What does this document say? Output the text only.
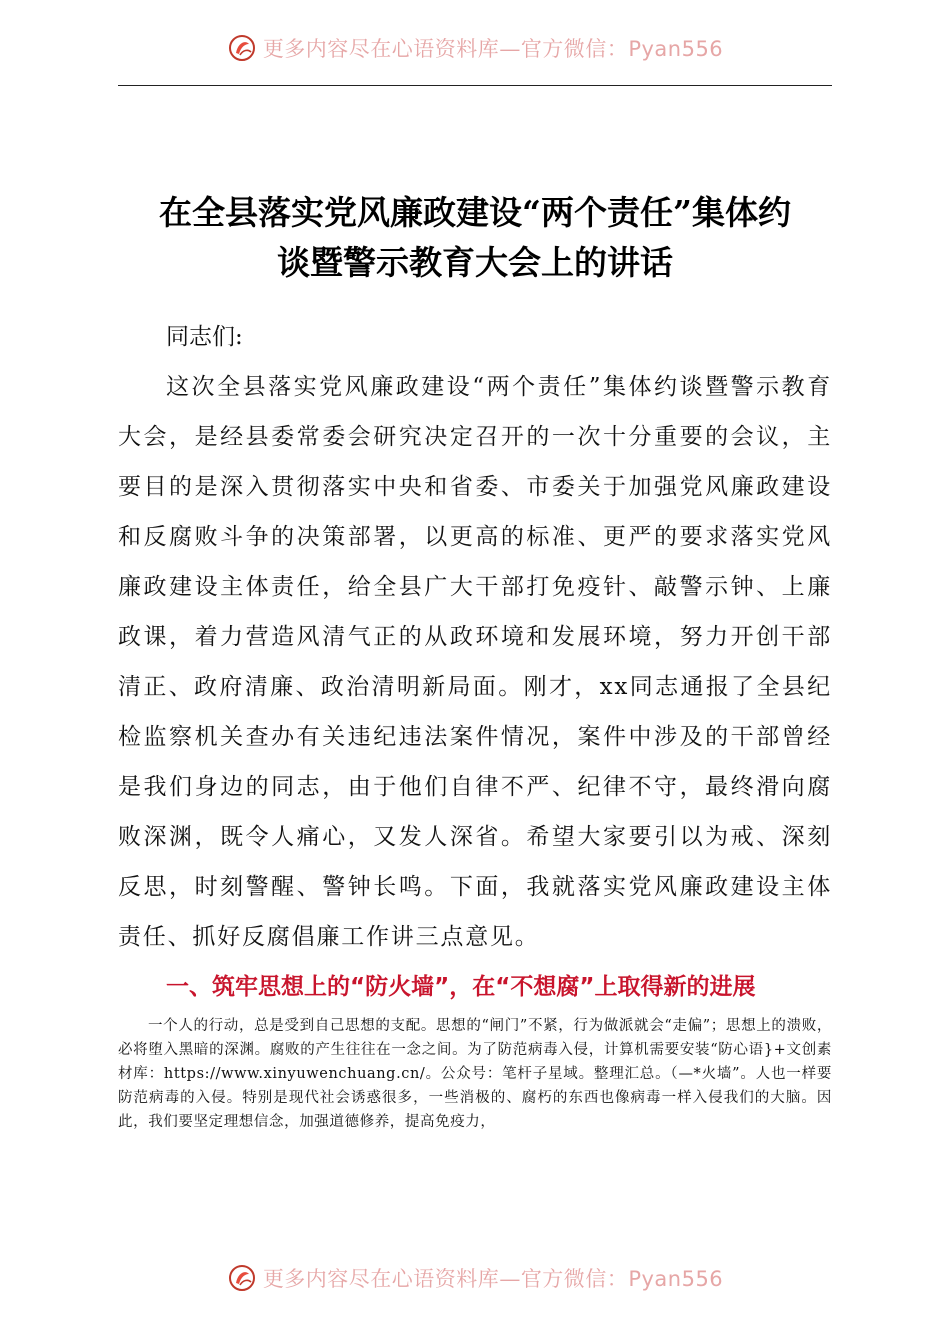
更多内容尽在心语资料库—官方微信：Pyan556
在全县落实党风廉政建设“两个责任”集体约
谈暨警示教育大会上的讲话

同志们:

这次全县落实党风廉政建设“两个责任”集体约谈暨警示教育大会，是经县委常委会研究决定召开的一次十分重要的会议，主要目的是深入贯彻落实中央和省委、市委关于加强党风廉政建设和反腐败斗争的决策部署，以更高的标准、更严的要求落实党风廉政建设主体责任，给全县广大干部打免疫针、敲警示钟、上廉政课，着力营造风清气正的从政环境和发展环境，努力开创干部清正、政府清廉、政治清明新局面。刚才，xx同志通报了全县纪检监察机关查办有关违纪违法案件情况，案件中涉及的干部曾经是我们身边的同志，由于他们自律不严、纪律不守，最终滑向腐败深渊，既令人痛心，又发人深省。希望大家要引以为戒、深刻反思，时刻警醒、警钟长鸣。下面，我就落实党风廉政建设主体责任、抓好反腐倡廉工作讲三点意见。

一、筑牢思想上的“防火墙”，在“不想腐”上取得新的进展

一个人的行动，总是受到自己思想的支配。思想的“闸门”不紧，行为做派就会“走偏”；思想上的溃败，必将堕入黑暗的深渊。腐败的产生往往在一念之间。为了防范病毒入侵，计算机需要安装“防心语}+文创素材库：https://www.xinyuwenchuang.cn/。公众号：笔杆子星域。整理汇总。（—*火墙”。人也一样要防范病毒的入侵。特别是现代社会诱惑很多，一些消极的、腐朽的东西也像病毒一样入侵我们的大脑。因此，我们要坚定理想信念，加强道德修养，提高免疫力，

更多内容尽在心语资料库—官方微信：Pyan556
